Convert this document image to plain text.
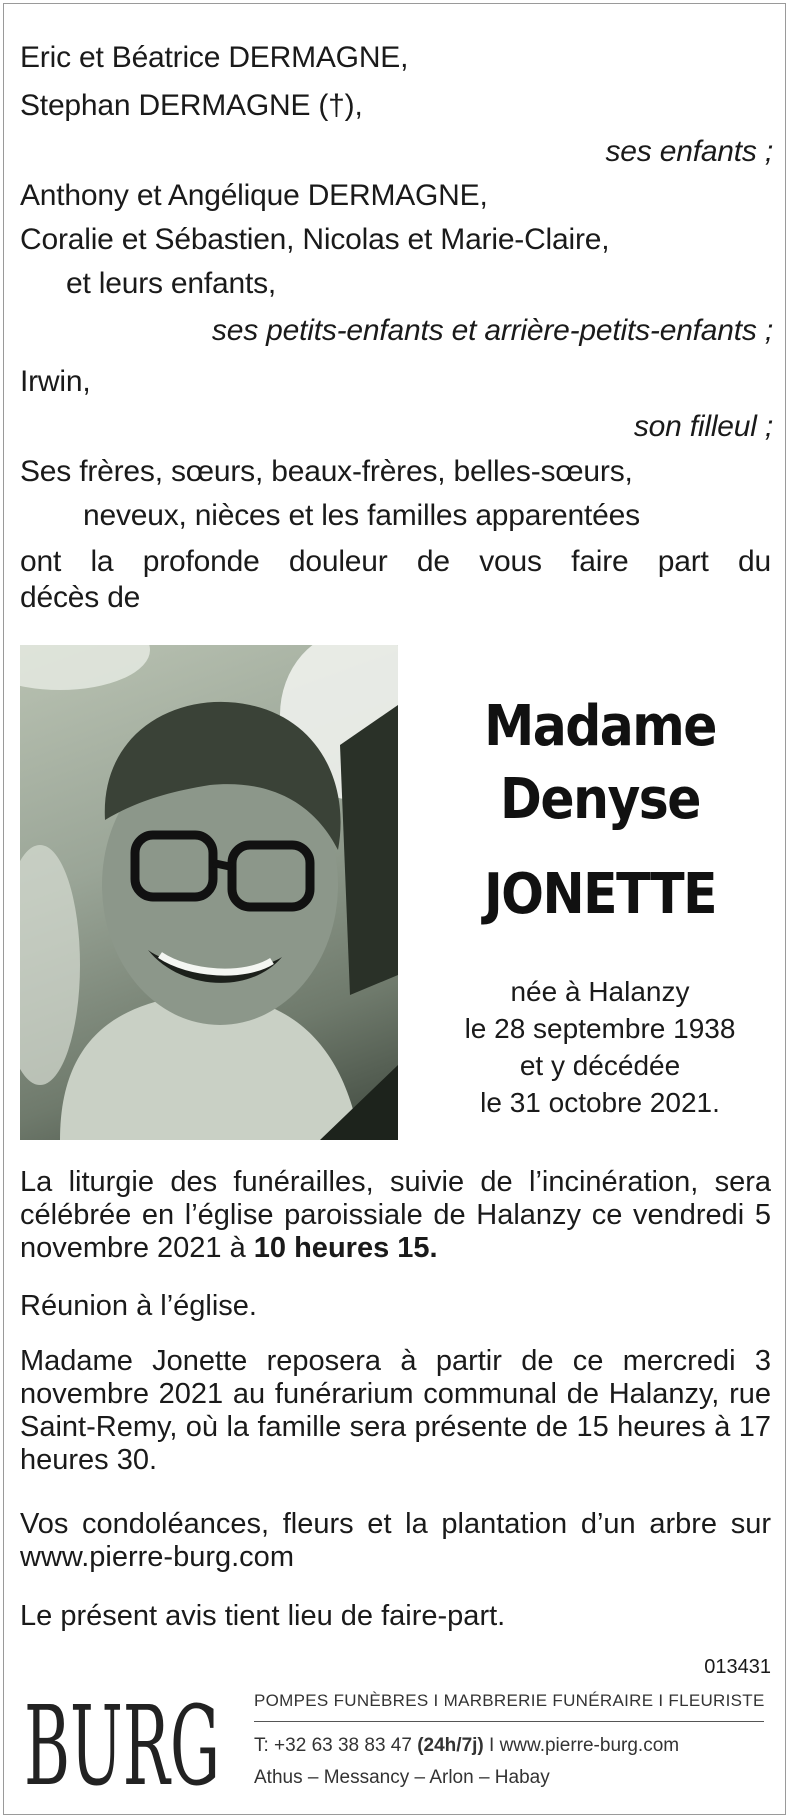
Eric et Béatrice DERMAGNE,
Stephan DERMAGNE (†),
ses enfants ;
Anthony et Angélique DERMAGNE,
Coralie et Sébastien, Nicolas et Marie-Claire,
et leurs enfants,
ses petits-enfants et arrière-petits-enfants ;
Irwin,
son filleul ;
Ses frères, sœurs, beaux-frères, belles-sœurs,
neveux, nièces et les familles apparentées
ont la profonde douleur de vous faire part du
décès de
Madame
Denyse
JONETTE
née à Halanzy
le 28 septembre 1938
et y décédée
le 31 octobre 2021.
La liturgie des funérailles, suivie de l’incinération, sera célébrée en l’église paroissiale de Halanzy ce vendredi 5 novembre 2021 à 10 heures 15.
Réunion à l’église.
Madame Jonette reposera à partir de ce mercredi 3 novembre 2021 au funérarium communal de Halanzy, rue Saint-Remy, où la famille sera présente de 15 heures à 17 heures 30.
Vos condoléances, fleurs et la plantation d’un arbre sur www.pierre-burg.com
Le présent avis tient lieu de faire-part.
013431
BURG POMPES FUNÈBRES I MARBRERIE FUNÉRAIRE I FLEURISTE
T: +32 63 38 83 47 (24h/7j) I www.pierre-burg.com
Athus – Messancy – Arlon – Habay
